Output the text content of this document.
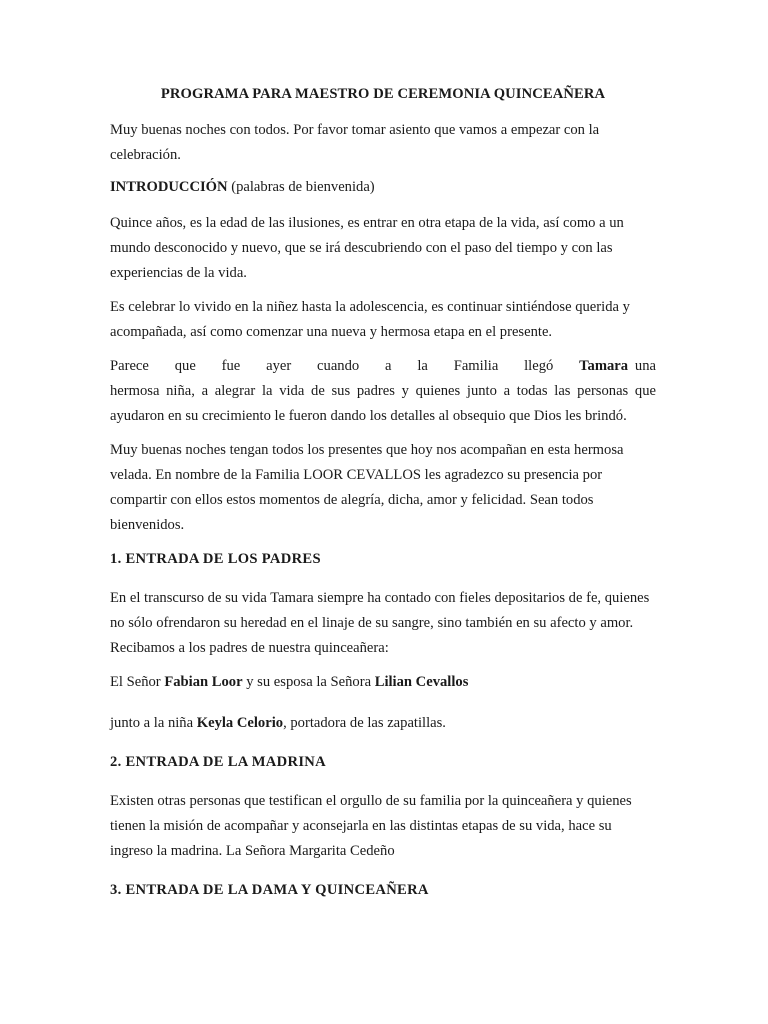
PROGRAMA PARA MAESTRO DE CEREMONIA QUINCEAÑERA

Muy buenas noches con todos. Por favor tomar asiento que vamos a empezar con la celebración.

INTRODUCCIÓN (palabras de bienvenida)

Quince años, es la edad de las ilusiones, es entrar en otra etapa de la vida, así como a un mundo desconocido y nuevo, que se irá descubriendo con el paso del tiempo y con las experiencias de la vida.

Es celebrar lo vivido en la niñez hasta la adolescencia, es continuar sintiéndose querida y acompañada, así como comenzar una nueva y hermosa etapa en el presente.

Parece que fue ayer cuando a la Familia llegó Tamara una hermosa niña, a alegrar la vida de sus padres y quienes junto a todas las personas que ayudaron en su crecimiento le fueron dando los detalles al obsequio que Dios les brindó.

Muy buenas noches tengan todos los presentes que hoy nos acompañan en esta hermosa velada. En nombre de la Familia LOOR CEVALLOS les agradezco su presencia por compartir con ellos estos momentos de alegría, dicha, amor y felicidad. Sean todos bienvenidos.

1. ENTRADA DE LOS PADRES

En el transcurso de su vida Tamara siempre ha contado con fieles depositarios de fe, quienes no sólo ofrendaron su heredad en el linaje de su sangre, sino también en su afecto y amor. Recibamos a los padres de nuestra quinceañera:

El Señor Fabian Loor y su esposa la Señora Lilian Cevallos

junto a la niña Keyla Celorio, portadora de las zapatillas.

2. ENTRADA DE LA MADRINA

Existen otras personas que testifican el orgullo de su familia por la quinceañera y quienes tienen la misión de acompañar y aconsejarla en las distintas etapas de su vida, hace su ingreso la madrina. La Señora Margarita Cedeño

3. ENTRADA DE LA DAMA Y QUINCEAÑERA
